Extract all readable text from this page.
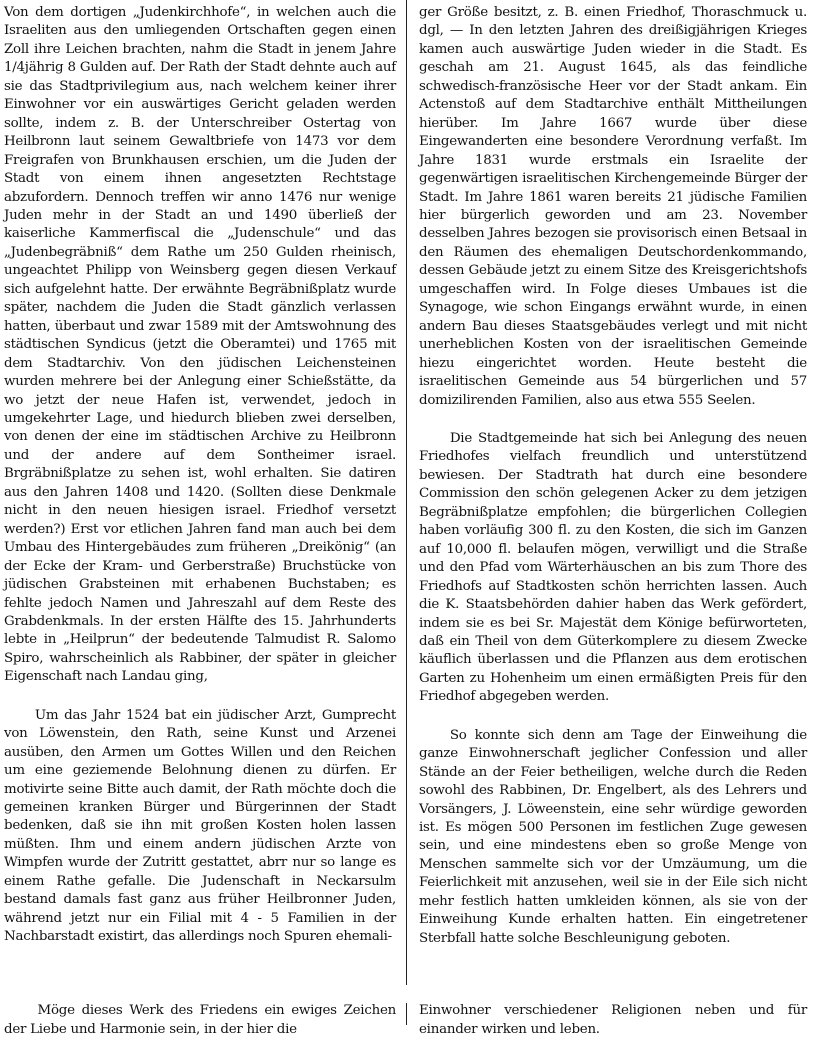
Von dem dortigen „Judenkirchhofe“, in welchen auch die Israeliten aus den umliegenden Ortschaften gegen einen Zoll ihre Leichen brachten, nahm die Stadt in jenem Jahre 1/4jährig 8 Gulden auf. Der Rath der Stadt dehnte auch auf sie das Stadtprivilegium aus, nach welchem keiner ihrer Einwohner vor ein auswärtiges Gericht geladen werden sollte, indem z. B. der Unterschreiber Ostertag von Heilbronn laut seinem Gewaltbriefe von 1473 vor dem Freigrafen von Brunkhausen erschien, um die Juden der Stadt von einem ihnen angesetzten Rechtstage abzufordern. Dennoch treffen wir anno 1476 nur wenige Juden mehr in der Stadt an und 1490 überließ der kaiserliche Kammerfiscal die „Judenschule“ und das „Judenbegräbniß“ dem Rathe um 250 Gulden rheinisch, ungeachtet Philipp von Weinsberg gegen diesen Verkauf sich aufgelehnt hatte. Der erwähnte Begräbnißplatz wurde später, nachdem die Juden die Stadt gänzlich verlassen hatten, überbaut und zwar 1589 mit der Amtswohnung des städtischen Syndicus (jetzt die Oberamtei) und 1765 mit dem Stadtarchiv. Von den jüdischen Leichensteinen wurden mehrere bei der Anlegung einer Schießstätte, da wo jetzt der neue Hafen ist, verwendet, jedoch in umgekehrter Lage, und hiedurch blieben zwei derselben, von denen der eine im städtischen Archive zu Heilbronn und der andere auf dem Sontheimer israel. Brgräbnißplatze zu sehen ist, wohl erhalten. Sie datiren aus den Jahren 1408 und 1420. (Sollten diese Denkmale nicht in den neuen hiesigen israel. Friedhof versetzt werden?) Erst vor etlichen Jahren fand man auch bei dem Umbau des Hintergebäudes zum früheren „Dreikönig“ (an der Ecke der Kram- und Gerberstraße) Bruchstücke von jüdischen Grabsteinen mit erhabenen Buchstaben; es fehlte jedoch Namen und Jahreszahl auf dem Reste des Grabdenkmals. In der ersten Hälfte des 15. Jahrhunderts lebte in „Heilprun“ der bedeutende Talmudist R. Salomo Spiro, wahrscheinlich als Rabbiner, der später in gleicher Eigenschaft nach Landau ging,

Um das Jahr 1524 bat ein jüdischer Arzt, Gumprecht von Löwenstein, den Rath, seine Kunst und Arzenei ausüben, den Armen um Gottes Willen und den Reichen um eine geziemende Belohnung dienen zu dürfen. Er motivirte seine Bitte auch damit, der Rath möchte doch die gemeinen kranken Bürger und Bürgerinnen der Stadt bedenken, daß sie ihn mit großen Kosten holen lassen müßten. Ihm und einem andern jüdischen Arzte von Wimpfen wurde der Zutritt gestattet, abrr nur so lange es einem Rathe gefalle. Die Judenschaft in Neckarsulm bestand damals fast ganz aus früher Heilbronner Juden, während jetzt nur ein Filial mit 4 - 5 Familien in der Nachbarstadt existirt, das allerdings noch Spuren ehemali-

ger Größe besitzt, z. B. einen Friedhof, Thoraschmuck u. dgl, — In den letzten Jahren des dreißigjährigen Krieges kamen auch auswärtige Juden wieder in die Stadt. Es geschah am 21. August 1645, als das feindliche schwedisch-französische Heer vor der Stadt ankam. Ein Actenstoß auf dem Stadtarchive enthält Mittheilungen hierüber. Im Jahre 1667 wurde über diese Eingewanderten eine besondere Verordnung verfaßt. Im Jahre 1831 wurde erstmals ein Israelite der gegenwärtigen israelitischen Kirchengemeinde Bürger der Stadt. Im Jahre 1861 waren bereits 21 jüdische Familien hier bürgerlich geworden und am 23. November desselben Jahres bezogen sie provisorisch einen Betsaal in den Räumen des ehemaligen Deutschordenkommando, dessen Gebäude jetzt zu einem Sitze des Kreisgerichtshofs umgeschaffen wird. In Folge dieses Umbaues ist die Synagoge, wie schon Eingangs erwähnt wurde, in einen andern Bau dieses Staatsgebäudes verlegt und mit nicht unerheblichen Kosten von der israelitischen Gemeinde hiezu eingerichtet worden. Heute besteht die israelitischen Gemeinde aus 54 bürgerlichen und 57 domizilirenden Familien, also aus etwa 555 Seelen.

Die Stadtgemeinde hat sich bei Anlegung des neuen Friedhofes vielfach freundlich und unterstützend bewiesen. Der Stadtrath hat durch eine besondere Commission den schön gelegenen Acker zu dem jetzigen Begräbnißplatze empfohlen; die bürgerlichen Collegien haben vorläufig 300 fl. zu den Kosten, die sich im Ganzen auf 10,000 fl. belaufen mögen, verwilligt und die Straße und den Pfad vom Wärterhäuschen an bis zum Thore des Friedhofs auf Stadtkosten schön herrichten lassen. Auch die K. Staatsbehörden dahier haben das Werk gefördert, indem sie es bei Sr. Majestät dem Könige befürworteten, daß ein Theil von dem Güterkomplere zu diesem Zwecke käuflich überlassen und die Pflanzen aus dem erotischen Garten zu Hohenheim um einen ermäßigten Preis für den Friedhof abgegeben werden.

So konnte sich denn am Tage der Einweihung die ganze Einwohnerschaft jeglicher Confession und aller Stände an der Feier betheiligen, welche durch die Reden sowohl des Rabbinen, Dr. Engelbert, als des Lehrers und Vorsängers, J. Löweenstein, eine sehr würdige geworden ist. Es mögen 500 Personen im festlichen Zuge gewesen sein, und eine mindestens eben so große Menge von Menschen sammelte sich vor der Umzäumung, um die Feierlichkeit mit anzusehen, weil sie in der Eile sich nicht mehr festlich hatten umkleiden können, als sie von der Einweihung Kunde erhalten hatten. Ein eingetretener Sterbfall hatte solche Beschleunigung geboten.

Möge dieses Werk des Friedens ein ewiges Zeichen der Liebe und Harmonie sein, in der hier die

Einwohner verschiedener Religionen neben und für einander wirken und leben.
